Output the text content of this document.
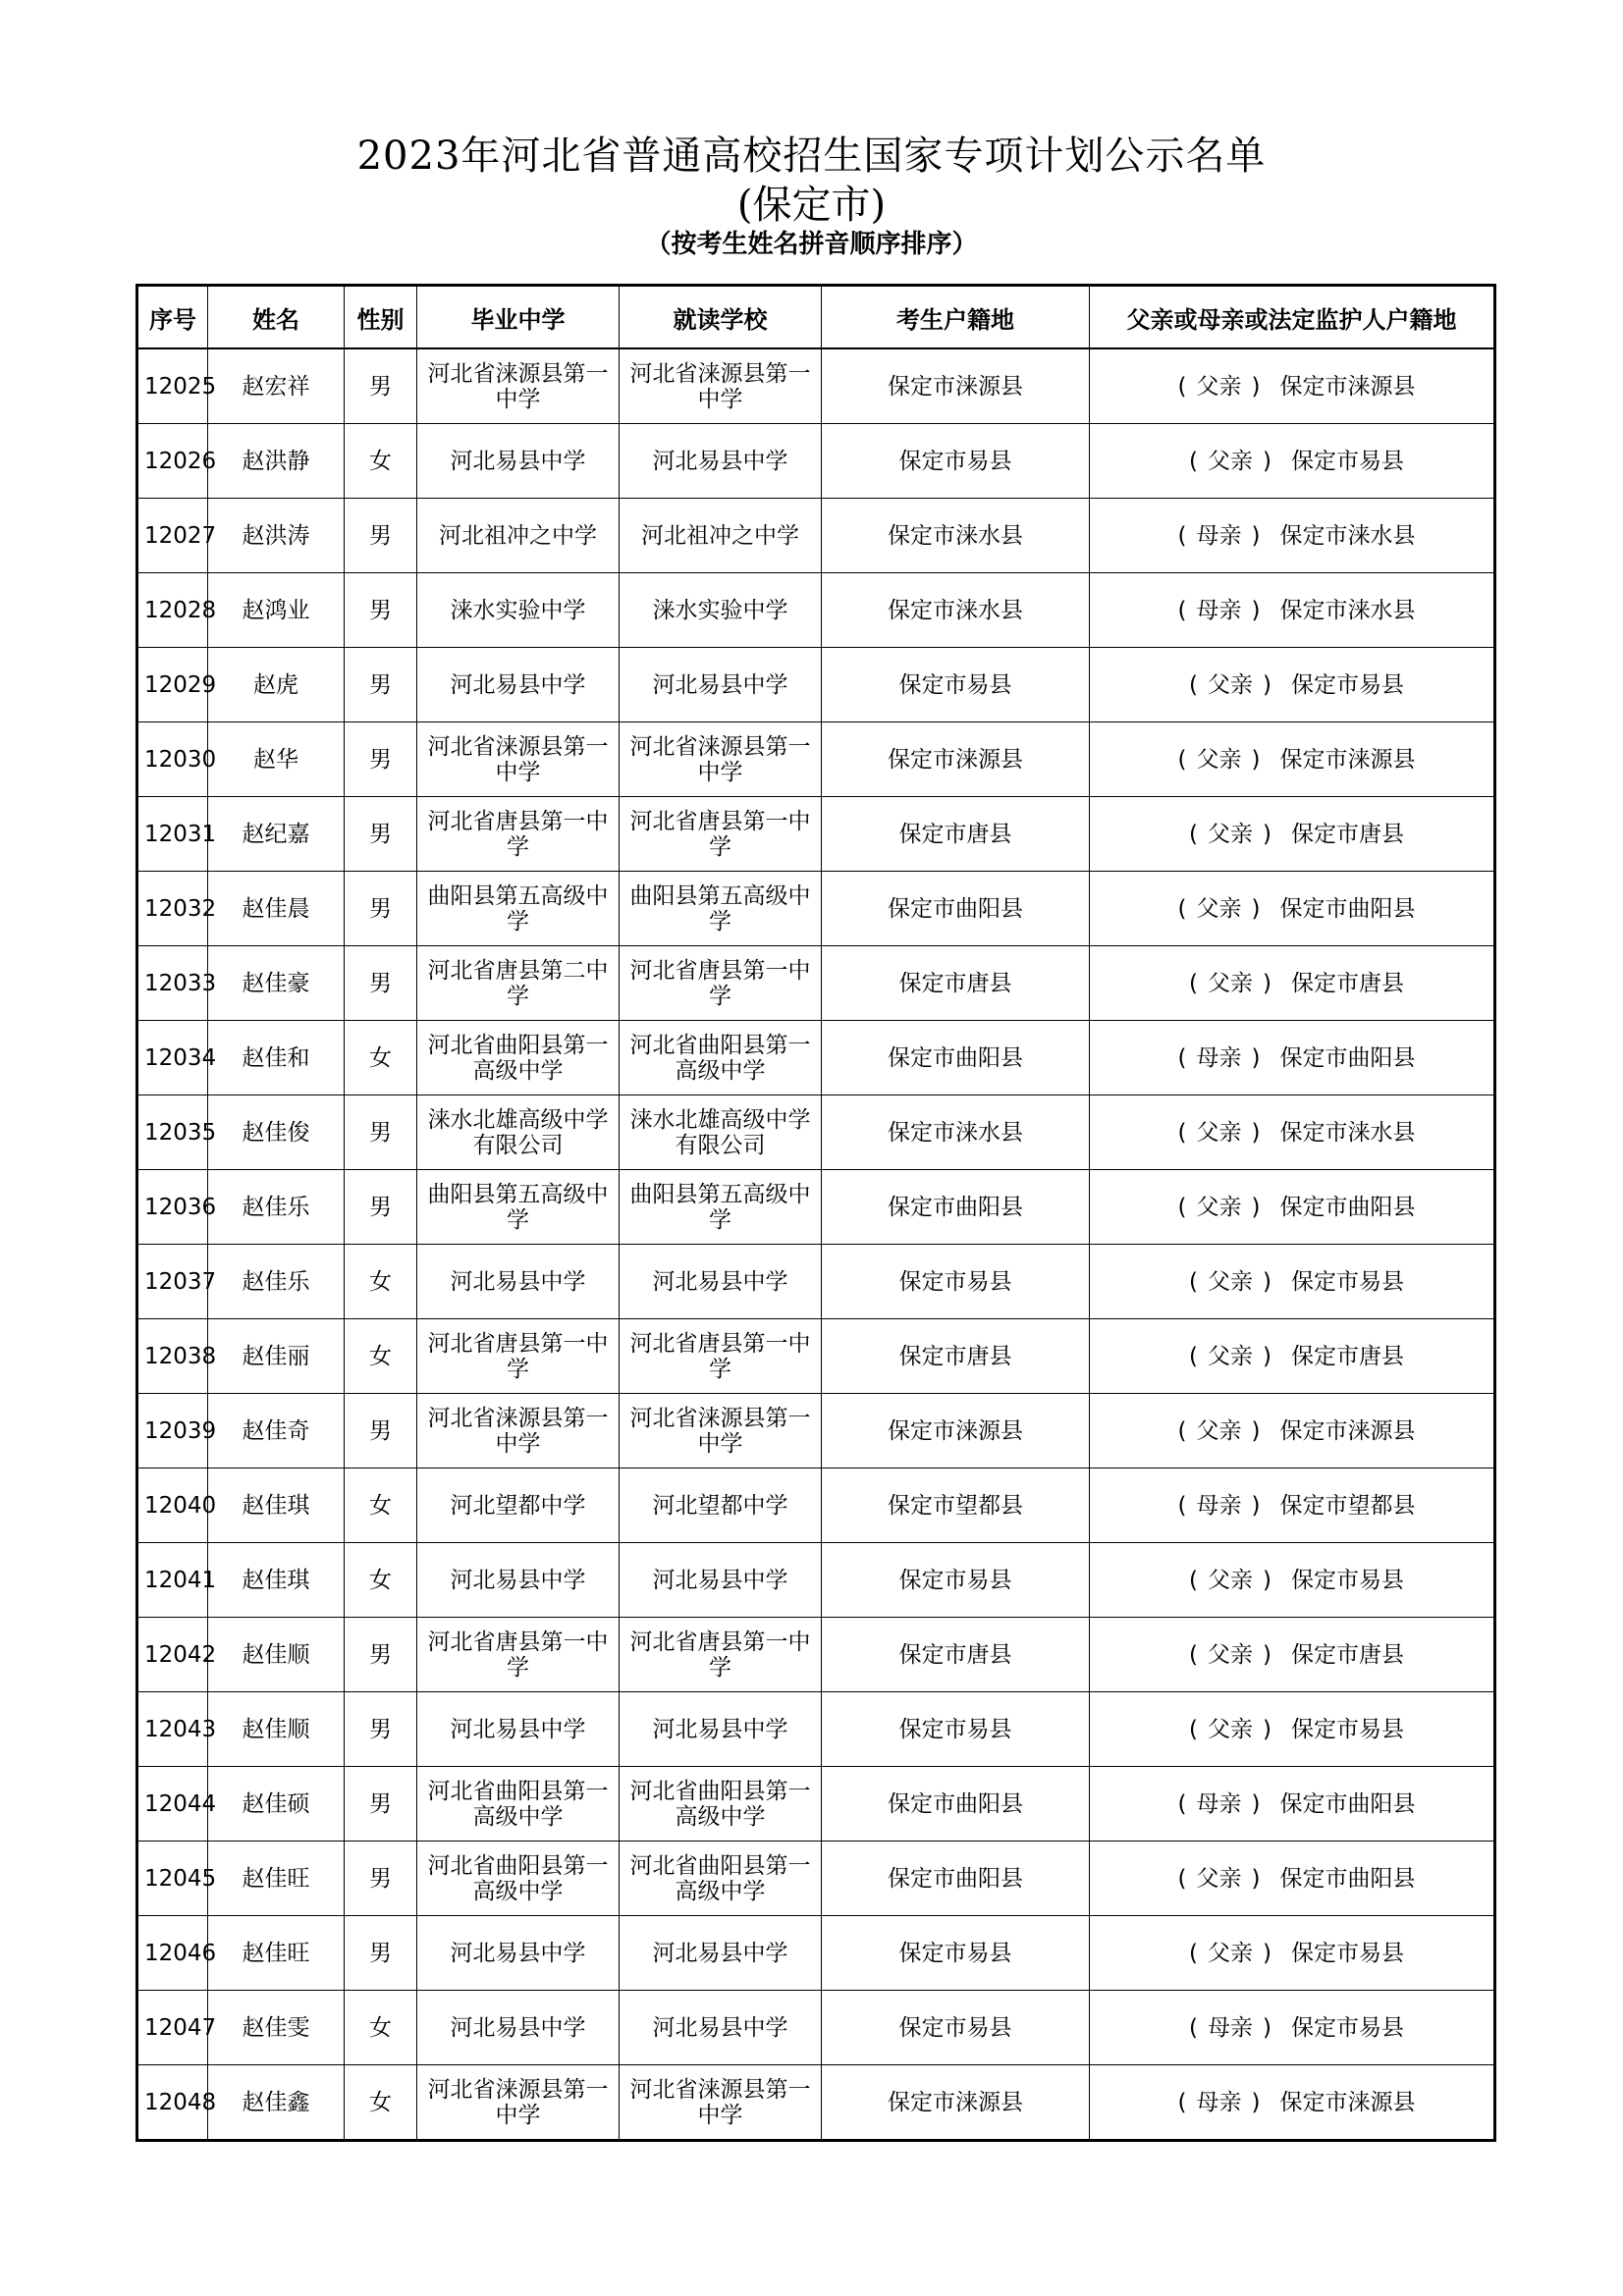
2023年河北省普通高校招生国家专项计划公示名单
(保定市)
（按考生姓名拼音顺序排序）
序号	姓名	性别	毕业中学	就读学校	考生户籍地	父亲或母亲或法定监护人户籍地
12025	赵宏祥	男	河北省涞源县第一中学	河北省涞源县第一中学	保定市涞源县	( 父亲 ) 保定市涞源县
12026	赵洪静	女	河北易县中学	河北易县中学	保定市易县	( 父亲 ) 保定市易县
12027	赵洪涛	男	河北祖冲之中学	河北祖冲之中学	保定市涞水县	( 母亲 ) 保定市涞水县
12028	赵鸿业	男	涞水实验中学	涞水实验中学	保定市涞水县	( 母亲 ) 保定市涞水县
12029	赵虎	男	河北易县中学	河北易县中学	保定市易县	( 父亲 ) 保定市易县
12030	赵华	男	河北省涞源县第一中学	河北省涞源县第一中学	保定市涞源县	( 父亲 ) 保定市涞源县
12031	赵纪嘉	男	河北省唐县第一中学	河北省唐县第一中学	保定市唐县	( 父亲 ) 保定市唐县
12032	赵佳晨	男	曲阳县第五高级中学	曲阳县第五高级中学	保定市曲阳县	( 父亲 ) 保定市曲阳县
12033	赵佳豪	男	河北省唐县第二中学	河北省唐县第一中学	保定市唐县	( 父亲 ) 保定市唐县
12034	赵佳和	女	河北省曲阳县第一高级中学	河北省曲阳县第一高级中学	保定市曲阳县	( 母亲 ) 保定市曲阳县
12035	赵佳俊	男	涞水北雄高级中学有限公司	涞水北雄高级中学有限公司	保定市涞水县	( 父亲 ) 保定市涞水县
12036	赵佳乐	男	曲阳县第五高级中学	曲阳县第五高级中学	保定市曲阳县	( 父亲 ) 保定市曲阳县
12037	赵佳乐	女	河北易县中学	河北易县中学	保定市易县	( 父亲 ) 保定市易县
12038	赵佳丽	女	河北省唐县第一中学	河北省唐县第一中学	保定市唐县	( 父亲 ) 保定市唐县
12039	赵佳奇	男	河北省涞源县第一中学	河北省涞源县第一中学	保定市涞源县	( 父亲 ) 保定市涞源县
12040	赵佳琪	女	河北望都中学	河北望都中学	保定市望都县	( 母亲 ) 保定市望都县
12041	赵佳琪	女	河北易县中学	河北易县中学	保定市易县	( 父亲 ) 保定市易县
12042	赵佳顺	男	河北省唐县第一中学	河北省唐县第一中学	保定市唐县	( 父亲 ) 保定市唐县
12043	赵佳顺	男	河北易县中学	河北易县中学	保定市易县	( 父亲 ) 保定市易县
12044	赵佳硕	男	河北省曲阳县第一高级中学	河北省曲阳县第一高级中学	保定市曲阳县	( 母亲 ) 保定市曲阳县
12045	赵佳旺	男	河北省曲阳县第一高级中学	河北省曲阳县第一高级中学	保定市曲阳县	( 父亲 ) 保定市曲阳县
12046	赵佳旺	男	河北易县中学	河北易县中学	保定市易县	( 父亲 ) 保定市易县
12047	赵佳雯	女	河北易县中学	河北易县中学	保定市易县	( 母亲 ) 保定市易县
12048	赵佳鑫	女	河北省涞源县第一中学	河北省涞源县第一中学	保定市涞源县	( 母亲 ) 保定市涞源县
